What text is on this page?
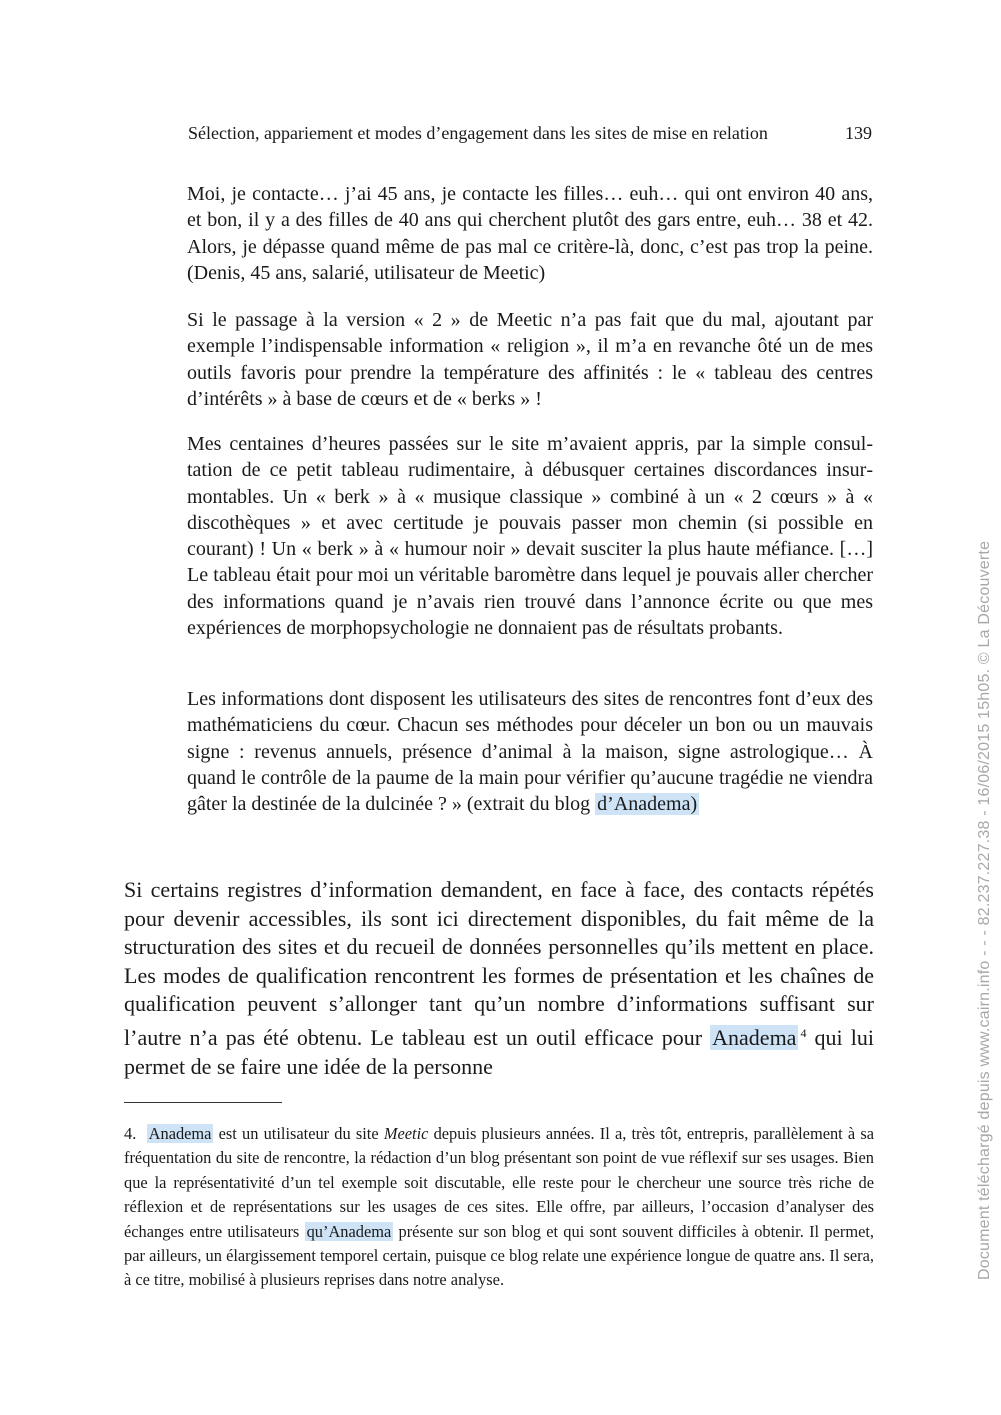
Sélection, appariement et modes d’engagement dans les sites de mise en relation	139

Moi, je contacte… j’ai 45 ans, je contacte les filles… euh… qui ont environ 40 ans, et bon, il y a des filles de 40 ans qui cherchent plutôt des gars entre, euh… 38 et 42. Alors, je dépasse quand même de pas mal ce critère-là, donc, c’est pas trop la peine. (Denis, 45 ans, salarié, utilisateur de Meetic)

Si le passage à la version « 2 » de Meetic n’a pas fait que du mal, ajoutant par exemple l’indispensable information « religion », il m’a en revanche ôté un de mes outils favoris pour prendre la température des affinités : le « tableau des centres d’intérêts » à base de cœurs et de « berks » !

Mes centaines d’heures passées sur le site m’avaient appris, par la simple consultation de ce petit tableau rudimentaire, à débusquer certaines discordances insurmontables. Un « berk » à « musique classique » combiné à un « 2 cœurs » à « discothèques » et avec certitude je pouvais passer mon chemin (si possible en courant) ! Un « berk » à « humour noir » devait susciter la plus haute méfiance. […] Le tableau était pour moi un véritable baromètre dans lequel je pouvais aller chercher des informations quand je n’avais rien trouvé dans l’annonce écrite ou que mes expériences de morphopsychologie ne donnaient pas de résultats probants.

Les informations dont disposent les utilisateurs des sites de rencontres font d’eux des mathématiciens du cœur. Chacun ses méthodes pour déceler un bon ou un mauvais signe : revenus annuels, présence d’animal à la maison, signe astrologique… À quand le contrôle de la paume de la main pour vérifier qu’aucune tragédie ne viendra gâter la destinée de la dulcinée ? » (extrait du blog d’Anadema)

Si certains registres d’information demandent, en face à face, des contacts répétés pour devenir accessibles, ils sont ici directement disponibles, du fait même de la structuration des sites et du recueil de données personnelles qu’ils mettent en place. Les modes de qualification rencontrent les formes de présentation et les chaînes de qualification peuvent s’allonger tant qu’un nombre d’informations suffisant sur l’autre n’a pas été obtenu. Le tableau est un outil efficace pour Anadema $^4$ qui lui permet de se faire une idée de la personne

4. Anadema est un utilisateur du site Meetic depuis plusieurs années. Il a, très tôt, entrepris, parallèlement à sa fréquentation du site de rencontre, la rédaction d’un blog présentant son point de vue réflexif sur ses usages. Bien que la représentativité d’un tel exemple soit discutable, elle reste pour le chercheur une source très riche de réflexion et de représentations sur les usages de ces sites. Elle offre, par ailleurs, l’occasion d’analyser des échanges entre utilisateurs qu’Anadema présente sur son blog et qui sont souvent difficiles à obtenir. Il permet, par ailleurs, un élargissement temporel certain, puisque ce blog relate une expérience longue de quatre ans. Il sera, à ce titre, mobilisé à plusieurs reprises dans notre analyse.	Document téléchargé depuis www.cairn.info - - - 82.237.227.38 - 16/06/2015 15h05. © La Découverte
